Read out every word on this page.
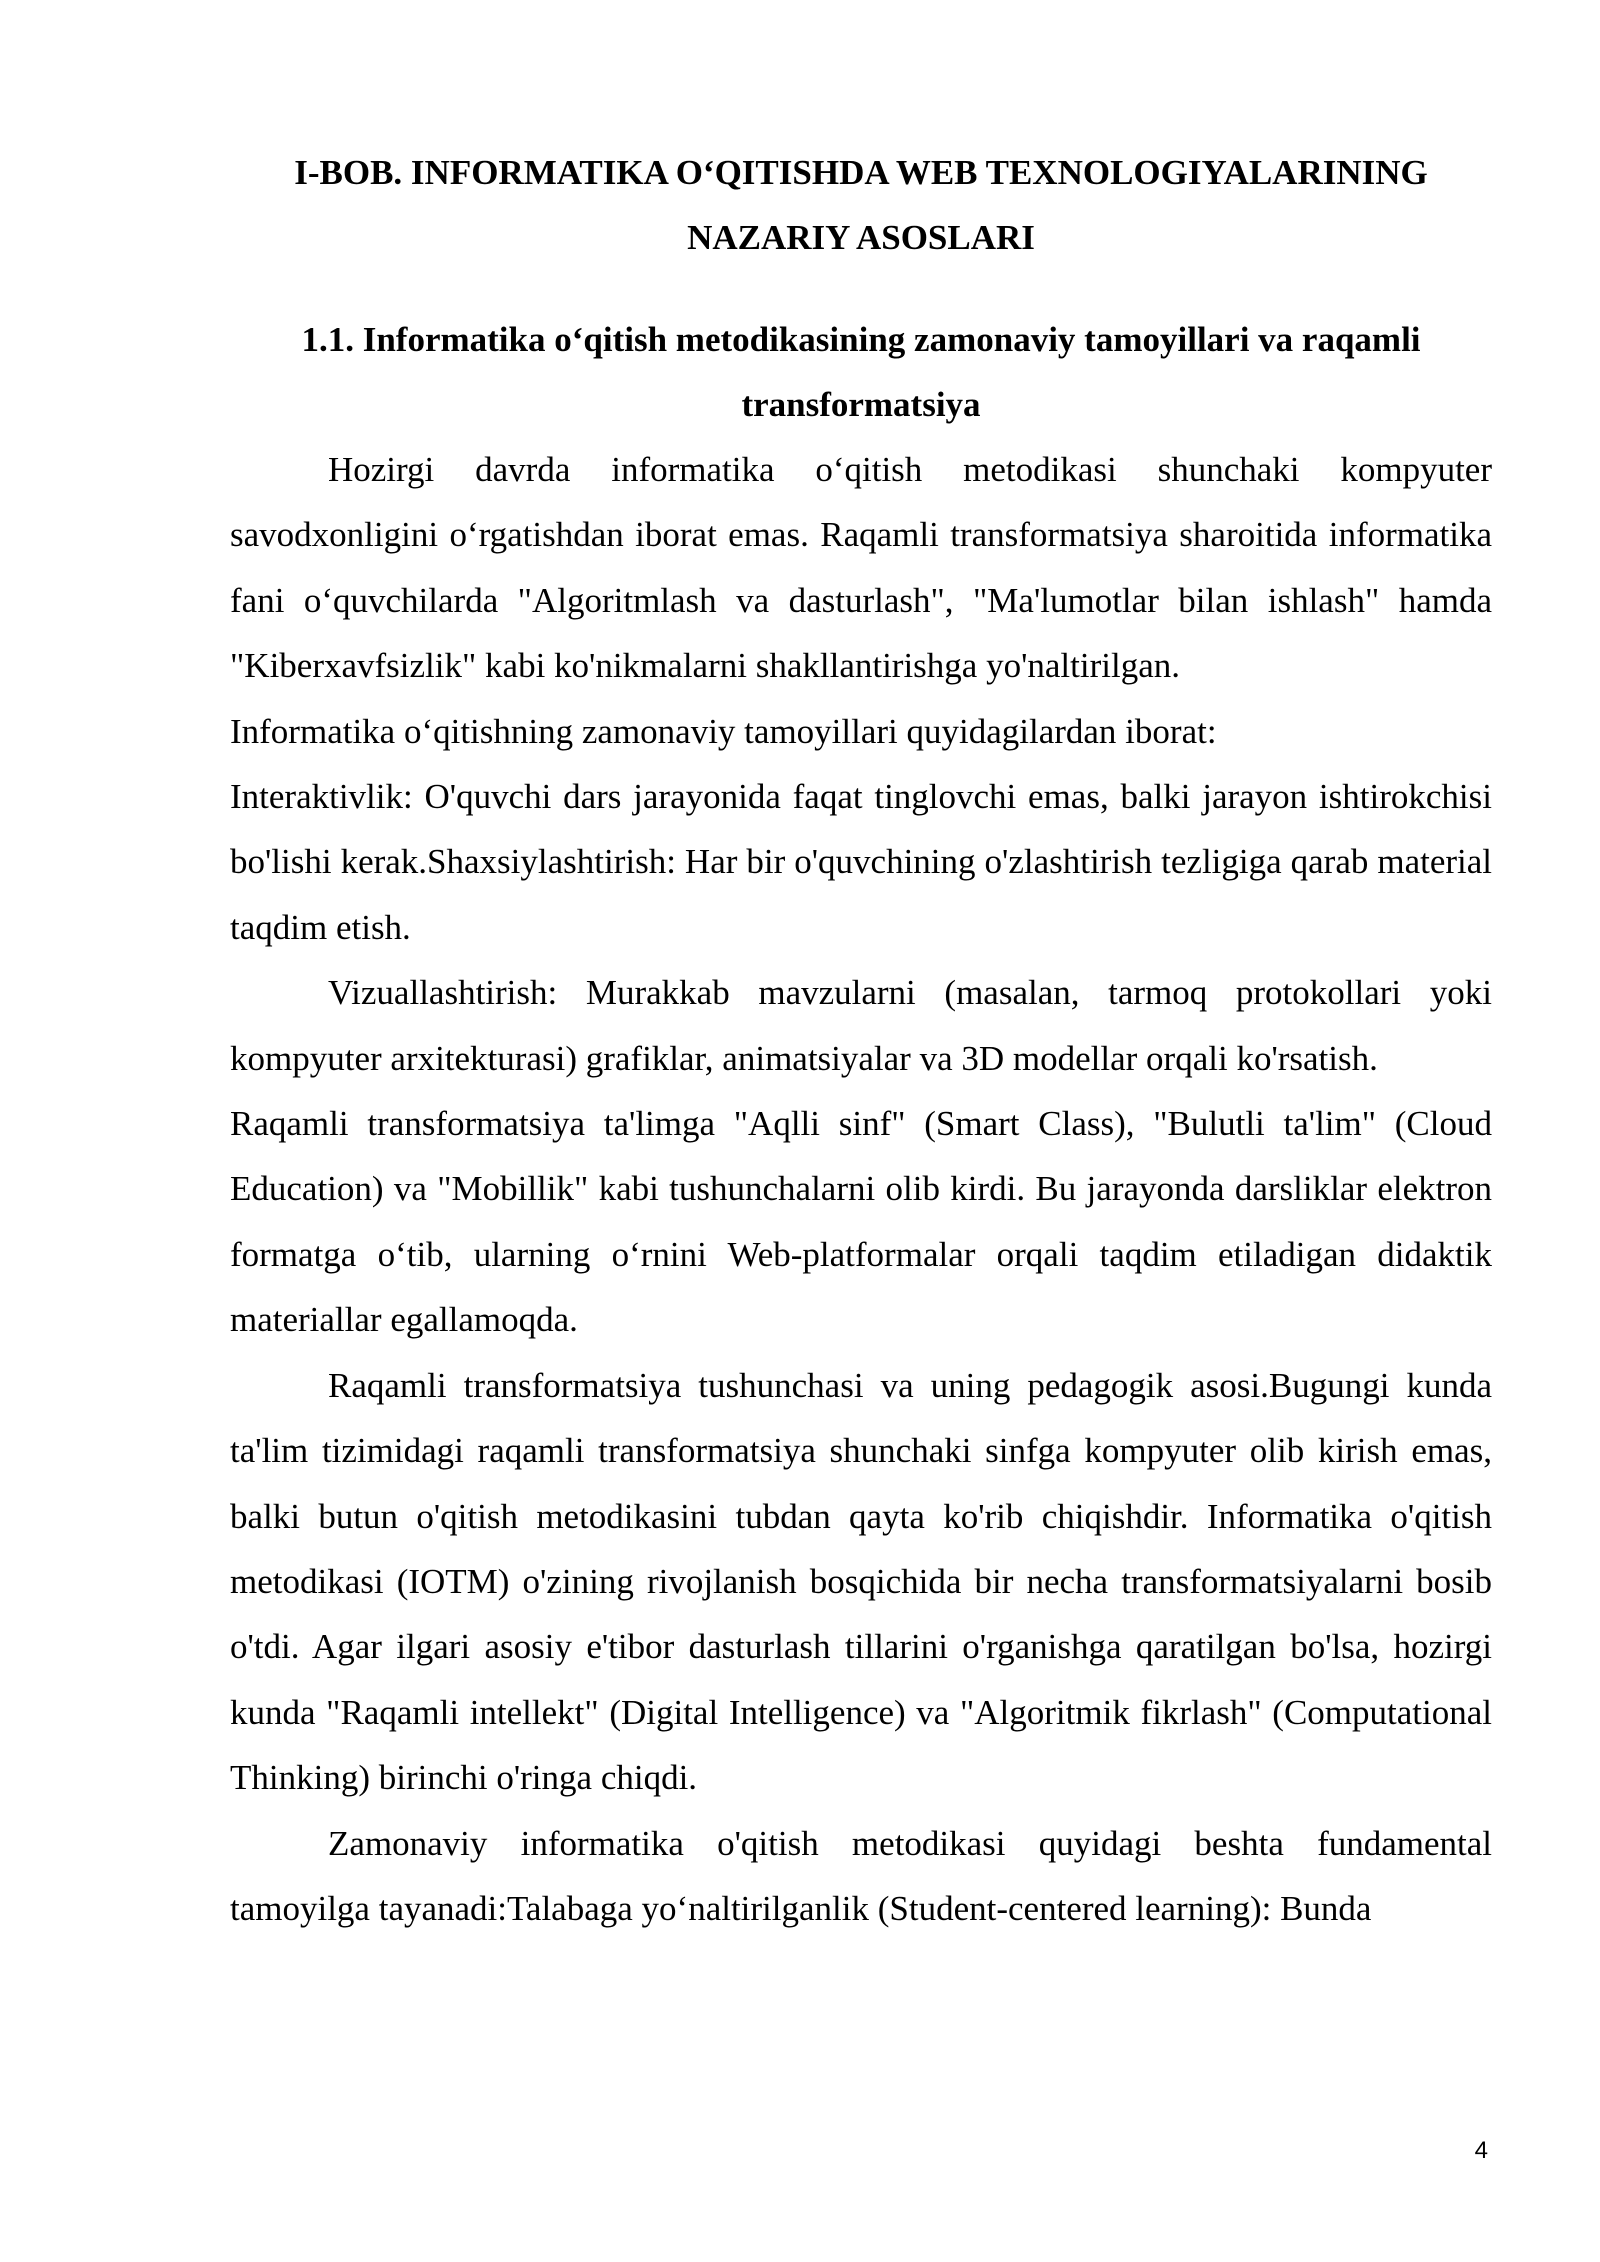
I-BOB. INFORMATIKA O‘QITISHDA WEB TEXNOLOGIYALARINING NAZARIY ASOSLARI
1.1. Informatika o‘qitish metodikasining zamonaviy tamoyillari va raqamli transformatsiya

Hozirgi davrda informatika o‘qitish metodikasi shunchaki kompyuter savodxonligini o‘rgatishdan iborat emas. Raqamli transformatsiya sharoitida informatika fani o‘quvchilarda "Algoritmlash va dasturlash", "Ma'lumotlar bilan ishlash" hamda "Kiberxavfsizlik" kabi ko'nikmalarni shakllantirishga yo'naltirilgan.

Informatika o‘qitishning zamonaviy tamoyillari quyidagilardan iborat:

Interaktivlik: O'quvchi dars jarayonida faqat tinglovchi emas, balki jarayon ishtirokchisi bo'lishi kerak.Shaxsiylashtirish: Har bir o'quvchining o'zlashtirish tezligiga qarab material taqdim etish.

Vizuallashtirish: Murakkab mavzularni (masalan, tarmoq protokollari yoki kompyuter arxitekturasi) grafiklar, animatsiyalar va 3D modellar orqali ko'rsatish.

Raqamli transformatsiya ta'limga "Aqlli sinf" (Smart Class), "Bulutli ta'lim" (Cloud Education) va "Mobillik" kabi tushunchalarni olib kirdi. Bu jarayonda darsliklar elektron formatga o‘tib, ularning o‘rnini Web-platformalar orqali taqdim etiladigan didaktik materiallar egallamoqda.

Raqamli transformatsiya tushunchasi va uning pedagogik asosi.Bugungi kunda ta'lim tizimidagi raqamli transformatsiya shunchaki sinfga kompyuter olib kirish emas, balki butun o'qitish metodikasini tubdan qayta ko'rib chiqishdir. Informatika o'qitish metodikasi (IOTM) o'zining rivojlanish bosqichida bir necha transformatsiyalarni bosib o'tdi. Agar ilgari asosiy e'tibor dasturlash tillarini o'rganishga qaratilgan bo'lsa, hozirgi kunda "Raqamli intellekt" (Digital Intelligence) va "Algoritmik fikrlash" (Computational Thinking) birinchi o'ringa chiqdi.

Zamonaviy informatika o'qitish metodikasi quyidagi beshta fundamental tamoyilga tayanadi:Talabaga yo‘naltirilganlik (Student-centered learning): Bunda

4
